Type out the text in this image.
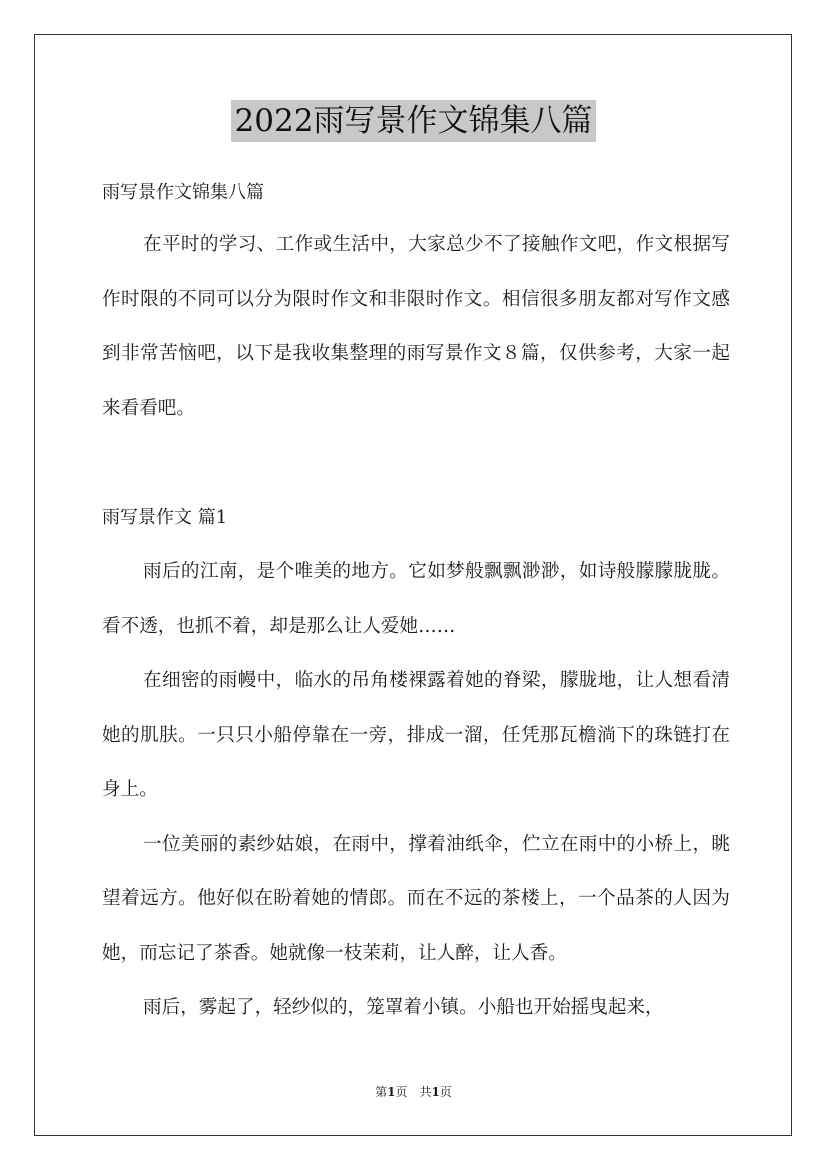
2022雨写景作文锦集八篇
雨写景作文锦集八篇

在平时的学习、工作或生活中，大家总少不了接触作文吧，作文根据写作时限的不同可以分为限时作文和非限时作文。相信很多朋友都对写作文感到非常苦恼吧，以下是我收集整理的雨写景作文８篇，仅供参考，大家一起来看看吧。

雨写景作文 篇1

雨后的江南，是个唯美的地方。它如梦般飘飘渺渺，如诗般朦朦胧胧。看不透，也抓不着，却是那么让人爱她……

在细密的雨幔中，临水的吊角楼裸露着她的脊梁，朦胧地，让人想看清她的肌肤。一只只小船停靠在一旁，排成一溜，任凭那瓦檐淌下的珠链打在身上。

一位美丽的素纱姑娘，在雨中，撑着油纸伞，伫立在雨中的小桥上，眺望着远方。他好似在盼着她的情郎。而在不远的茶楼上，一个品茶的人因为她，而忘记了茶香。她就像一枝茉莉，让人醉，让人香。

雨后，雾起了，轻纱似的，笼罩着小镇。小船也开始摇曳起来，

第1页　共1页
